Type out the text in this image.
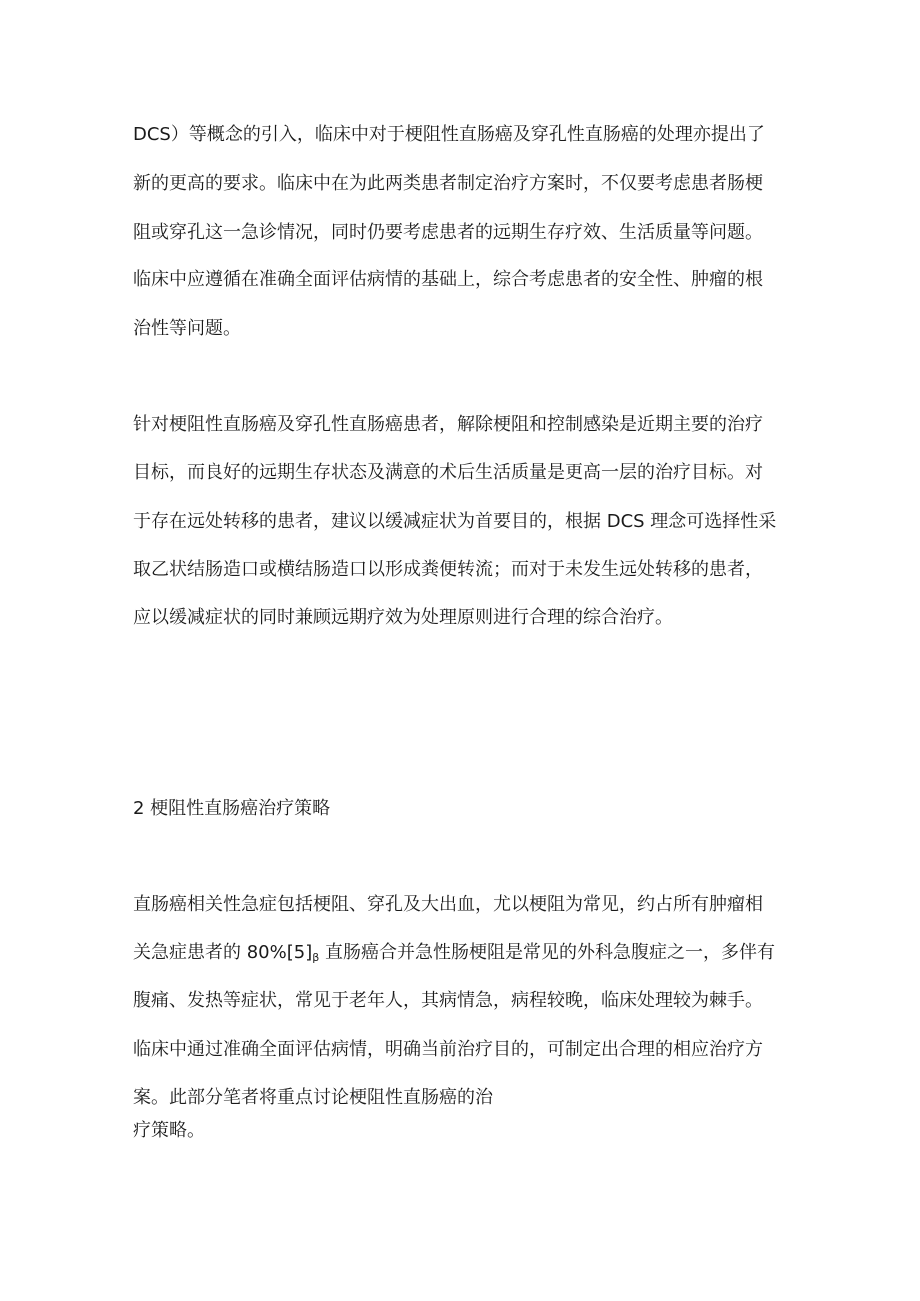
DCS）等概念的引入，临床中对于梗阻性直肠癌及穿孔性直肠癌的处理亦提出了
新的更高的要求。临床中在为此两类患者制定治疗方案时，不仅要考虑患者肠梗
阻或穿孔这一急诊情况，同时仍要考虑患者的远期生存疗效、生活质量等问题。
临床中应遵循在准确全面评估病情的基础上，综合考虑患者的安全性、肿瘤的根
治性等问题。
针对梗阻性直肠癌及穿孔性直肠癌患者，解除梗阻和控制感染是近期主要的治疗
目标，而良好的远期生存状态及满意的术后生活质量是更高一层的治疗目标。对
于存在远处转移的患者，建议以缓减症状为首要目的，根据 DCS 理念可选择性采
取乙状结肠造口或横结肠造口以形成粪便转流；而对于未发生远处转移的患者，
应以缓减症状的同时兼顾远期疗效为处理原则进行合理的综合治疗。
2 梗阻性直肠癌治疗策略
直肠癌相关性急症包括梗阻、穿孔及大出血，尤以梗阻为常见，约占所有肿瘤相
关急症患者的 $80\%[5]_\beta$ 直肠癌合并急性肠梗阻是常见的外科急腹症之一，多伴有
腹痛、发热等症状，常见于老年人，其病情急，病程较晚，临床处理较为棘手。
临床中通过准确全面评估病情，明确当前治疗目的，可制定出合理的相应治疗方
案。此部分笔者将重点讨论梗阻性直肠癌的治
疗策略。
